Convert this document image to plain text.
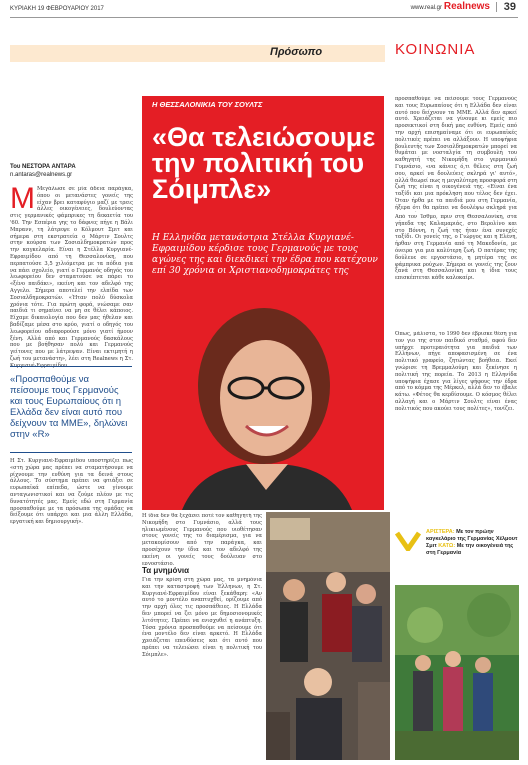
ΚΥΡΙΑΚΗ 19 ΦΕΒΡΟΥΑΡΙΟΥ 2017	www.real.gr Realnews 39
Πρόσωπο	ΚΟΙΝΩΝΙΑ
Του ΝΕΣΤΟΡΑ ΑΝΤΑΡΑ
n.antaras@realnews.gr
Μ Μεγάλωσε σε μία άδεια παράγκα, όπου οι μετανάστες γονείς της είχαν βρει καταφύγιο μαζί με τρεις άλλες οικογένειες, δουλεύοντας στις γερμανικές φάμπρικες τη δεκαετία του '60. Την Εσπέρια γης το δάφνες πήγε η Βάλι Μπρανν, τη λάτρεψε ο Κόλμουτ Σμιτ και σήμερα στη εκστρατεία ο Μάρτιν Σουλτς στην κούρσα των Σοσιαλδημοκρατών προς την καγκελαρία. Είναι η Στέλλα Κυργιανέ-Εφραιμίδου από τη Θεσσαλονίκη, που περπατούσε 3,5 χιλιόμετρα με τα πόδια για να πάει σχολείο, γιατί ο Γερμανός οδηγός του λεωφορείου δεν σταματούσε να πάρει το «ξένο παιδάκι», εκείνη και τον αδελφό της Αγγελο. Σήμερα αποτελεί την ελπίδα των Σοσιαλδημοκρατών. «Ήταν πολύ δύσκολα χρόνια τότε. Για πρώτη φορά, νιώσαμε σαν παιδιά τι σημαίνει να μη σε θέλει κάποιος. Είχαμε δικαιολογία που δεν μας ήθελαν και βαδίζαμε μέσα στο κρύο, γιατί ο οδηγός του λεωφορείου αδιαφορούσε μόνο γιατί ήμουν ξένη. Αλλά από και Γερμανούς δασκάλους που με βοήθησαν πολύ και Γερμανούς γείτονες που με λάτρεψαν. Είναι εκτιμητή η ζωή του μετανάστη», λέει στη Realnews η Στ.
«Προσπαθούμε να πείσουμε τους Γερμανούς και τους Ευρωπαίους ότι η Ελλάδα δεν είναι αυτό που δείχνουν τα ΜΜΕ», δηλώνει στην «R»
Η ίδια δεν θα ξεχάσει ποτέ τον καθηγητή της Νικομήδη στο Γυμνάσιο, αλλά τους ηλικιωμένους Γερμανούς που υιοθέτησαν στους γονείς της το διαμέρισμα, για να μετακομίσουν από την παράγκα, και προσέχουν την ίδια και τον αδελφό της εκείνη οι γονείς τους δούλευαν στο εργοστάσιο.
Τα μνημόνια
Για την κρίση στη χώρα μας, τα μνημόνια και την καταστροφή των Έλληνων, η Στ. Κυργιανέ-Εφραιμίδου είναι ξεκάθαρη: «Αν αυτό το μοντέλο αναπτυχθεί, ορίζουμε από την αρχή όλες τις προσπάθειες. Η Ελλάδα δεν μπορεί να ζει μόνο με δημοσιονομικές λιτότητες. Πρέπει να ενισχυθεί η ανάπτυξη. Τόσα χρόνια προσπαθούμε να πείσουμε ότι ένα μοντέλο δεν είναι αρκετό. Η Ελλάδα χρειάζεται επενδύσεις και ότι αυτό που πρέπει να τελειώσει είναι η πολιτική του Σόιμπλε».
Η Στ. Κυργιανέ-Εφραιμίδου υποστηρίζει πως «στη χώρα μας πρέπει να σταματήσουμε να ρίχνουμε την ευθύνη για τα δεινά στους άλλους. Το σύστημα πρέπει να φτιάξει σε ευρωπαϊκά επίπεδα, ώστε να γίνουμε ανταγωνιστικοί και να ζούμε πλέον με τις δυνατότητές μας. Εμείς εδώ στη Γερμανία προσπαθούμε με τα πρόσωπα της ομάδας να δείξουμε ότι υπάρχει και μια άλλη Ελλάδα, εργατική και δημιουργική».
Η ΘΕΣΣΑΛΟΝΙΚΙΑ ΤΟΥ ΣΟΥΛΤΣ
«Θα τελειώσουμε την πολιτική του Σόιμπλε»
Η Ελληνίδα μετανάστρια Στέλλα Κυργιανέ-Εφραιμίδου κέρδισε τους Γερμανούς με τους αγώνες της και διεκδικεί την έδρα που κατέχουν επί 30 χρόνια οι Χριστιανοδημοκράτες της
προσπαθούμε να πείσουμε τους Γερμανούς και τους Ευρωπαίους ότι η Ελλάδα δεν είναι αυτό που δείχνουν τα ΜΜΕ. Αλλά δεν αρκεί αυτό. Χρειάζεται να γίνουμε κι εμείς πιο προσεκτικοί στη δική μας ευθύνη. Εμείς από την αρχή επισημαίναμε ότι οι ευρωπαϊκές πολιτικές πρέπει να αλλάξουν. Η υποψήφια βουλευτής των Σοσιαλδημοκρατών μπορεί να θυμάται με νοσταλγία τη συμβουλή του καθηγητή της Νικομήδη στο γερμανικό Γυμνάσιο, «να κάνεις ό,τι θέλεις στη ζωή σου, αρκεί να δουλεύεις σκληρά γι' αυτό», αλλά θεωρεί πως η μεγαλύτερη προσφορά στη ζωή της είναι η οικογένειά της. «Είναι ένα ταξίδι και μια πρόκληση που τέλος δεν έχει. Όταν ήρθα με τα παιδιά μου στη Γερμανία, ήξερα ότι θα πρέπει να δουλέψω σκληρά για
Από τον Ίσθμο, πριν στη Θεσσαλονίκη, στα γήπεδα της Καλαμαριάς, στο Βερολίνο και στο Βόννη, η ζωή της ήταν ένα συνεχές ταξίδι. Οι γονείς της, ο Γιώργος και η Ελένη, ήρθαν στη Γερμανία από τη Μακεδονία, με όνειρα για μια καλύτερη ζωή. Ο πατέρας της δούλευε σε εργοστάσιο, η μητέρα της σε φάμπρικα ρούχων. Σήμερα οι γονείς της ζουν ξανά στη Θεσσαλονίκη και η ίδια τους επισκέπτεται κάθε καλοκαίρι.
Όπως, μάλιστα, το 1990 δεν έβρισκε θέση για τον γιο της στον παιδικό σταθμό, αφού δεν υπήρχε προτεραιότητα για παιδιά των Ελλήνων, πήγε αποφασισμένη σε ένα πολιτικό γραφείο, ζητώντας βοήθεια. Εκεί γνώρισε τη Βρεμμαλούμη και ξεκίνησε η πολιτική της πορεία. Το 2013 η Ελληνίδα υποψήφια έχασε για λίγες ψήφους την έδρα από το κόμμα της Μέρκελ, αλλά δεν το έβαλε κάτω. «Φέτος θα κερδίσουμε. Ο κόσμος θέλει αλλαγή και ο Μάρτιν Σουλτς είναι ένας πολιτικός που ακούει τους πολίτες», τονίζει.
ΑΡΙΣΤΕΡΑ: Με τον πρώην καγκελάριο της Γερμανίας Χέλμουτ Σμιτ ΚΑΤΩ: Με την οικογένειά της στη Γερμανία
